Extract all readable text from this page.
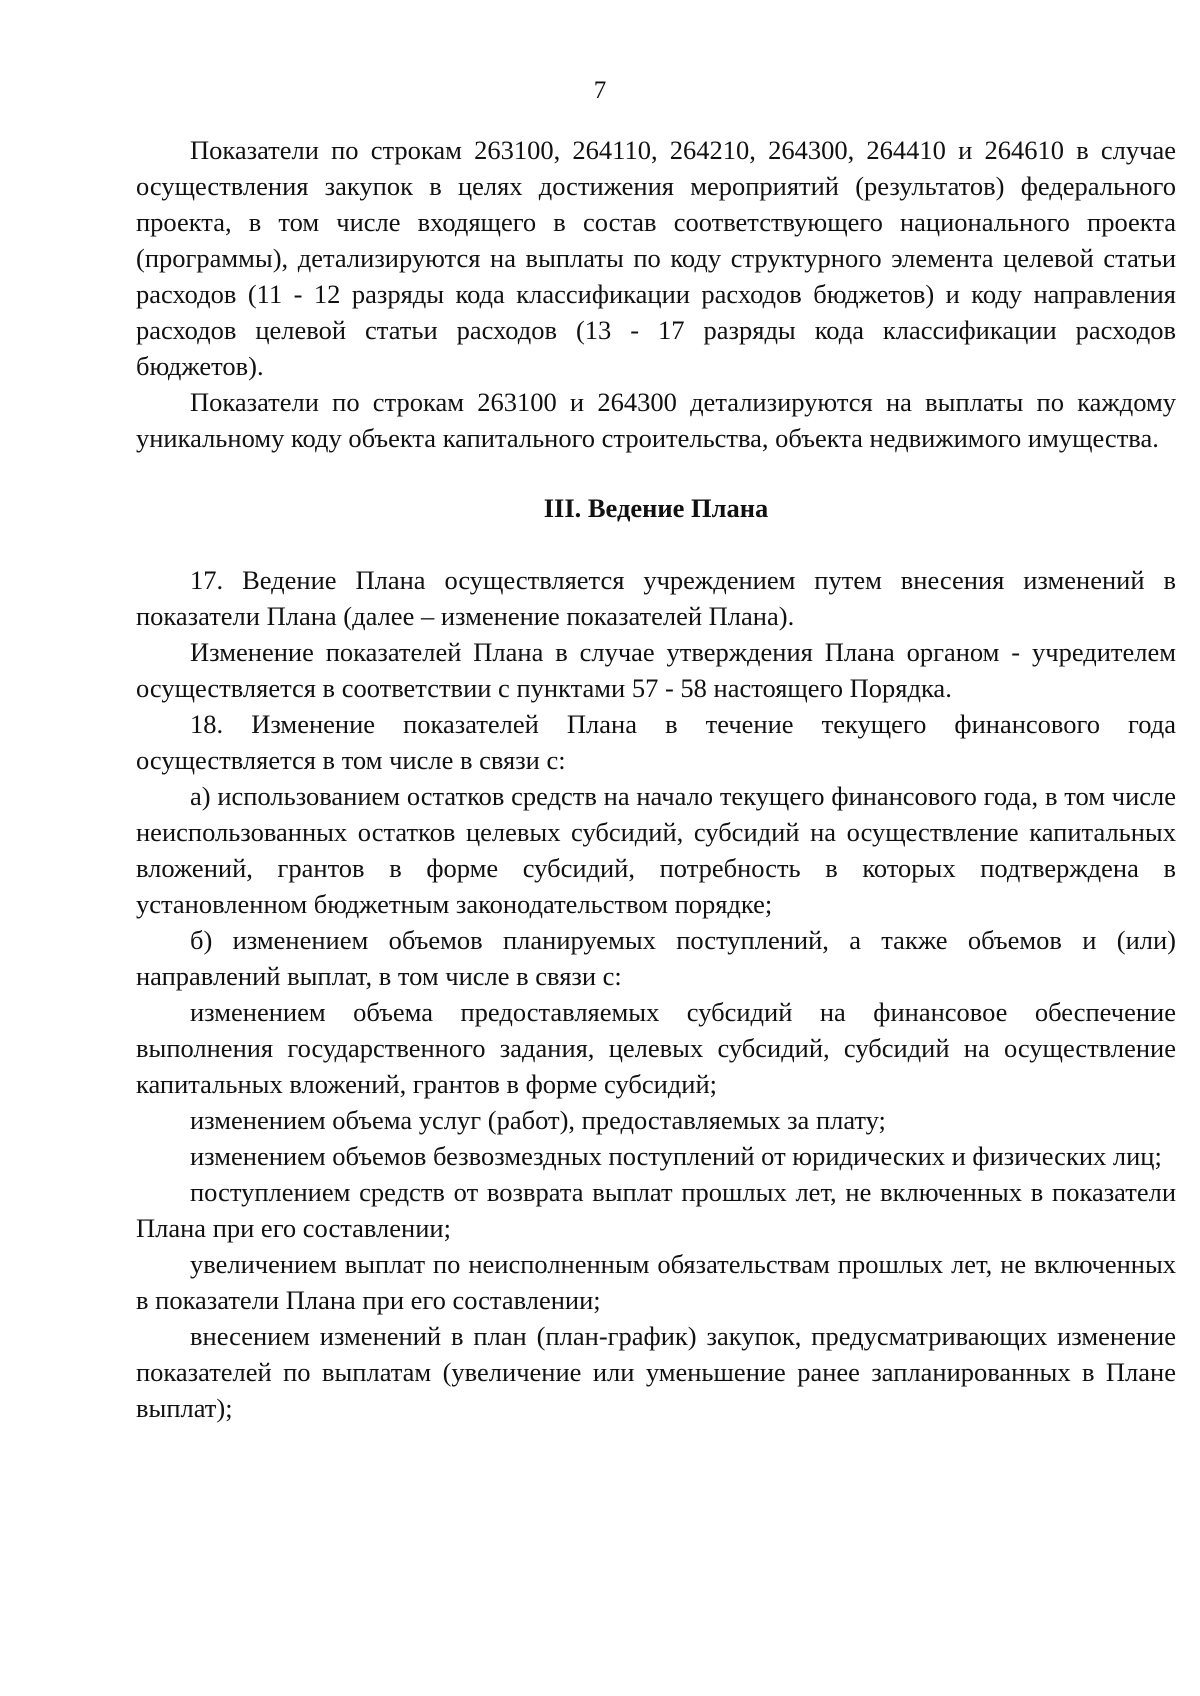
7

Показатели по строкам 263100, 264110, 264210, 264300, 264410 и 264610 в случае осуществления закупок в целях достижения мероприятий (результатов) федерального проекта, в том числе входящего в состав соответствующего национального проекта (программы), детализируются на выплаты по коду структурного элемента целевой статьи расходов (11 - 12 разряды кода классификации расходов бюджетов) и коду направления расходов целевой статьи расходов (13 - 17 разряды кода классификации расходов бюджетов).

Показатели по строкам 263100 и 264300 детализируются на выплаты по каждому уникальному коду объекта капитального строительства, объекта недвижимого имущества.

III. Ведение Плана

17. Ведение Плана осуществляется учреждением путем внесения изменений в показатели Плана (далее – изменение показателей Плана).

Изменение показателей Плана в случае утверждения Плана органом - учредителем осуществляется в соответствии с пунктами 57 - 58 настоящего Порядка.

18. Изменение показателей Плана в течение текущего финансового года осуществляется в том числе в связи с:

а) использованием остатков средств на начало текущего финансового года, в том числе неиспользованных остатков целевых субсидий, субсидий на осуществление капитальных вложений, грантов в форме субсидий, потребность в которых подтверждена в установленном бюджетным законодательством порядке;

б) изменением объемов планируемых поступлений, а также объемов и (или) направлений выплат, в том числе в связи с:

изменением объема предоставляемых субсидий на финансовое обеспечение выполнения государственного задания, целевых субсидий, субсидий на осуществление капитальных вложений, грантов в форме субсидий;

изменением объема услуг (работ), предоставляемых за плату;

изменением объемов безвозмездных поступлений от юридических и физических лиц;

поступлением средств от возврата выплат прошлых лет, не включенных в показатели Плана при его составлении;

увеличением выплат по неисполненным обязательствам прошлых лет, не включенных в показатели Плана при его составлении;

внесением изменений в план (план-график) закупок, предусматривающих изменение показателей по выплатам (увеличение или уменьшение ранее запланированных в Плане выплат);
